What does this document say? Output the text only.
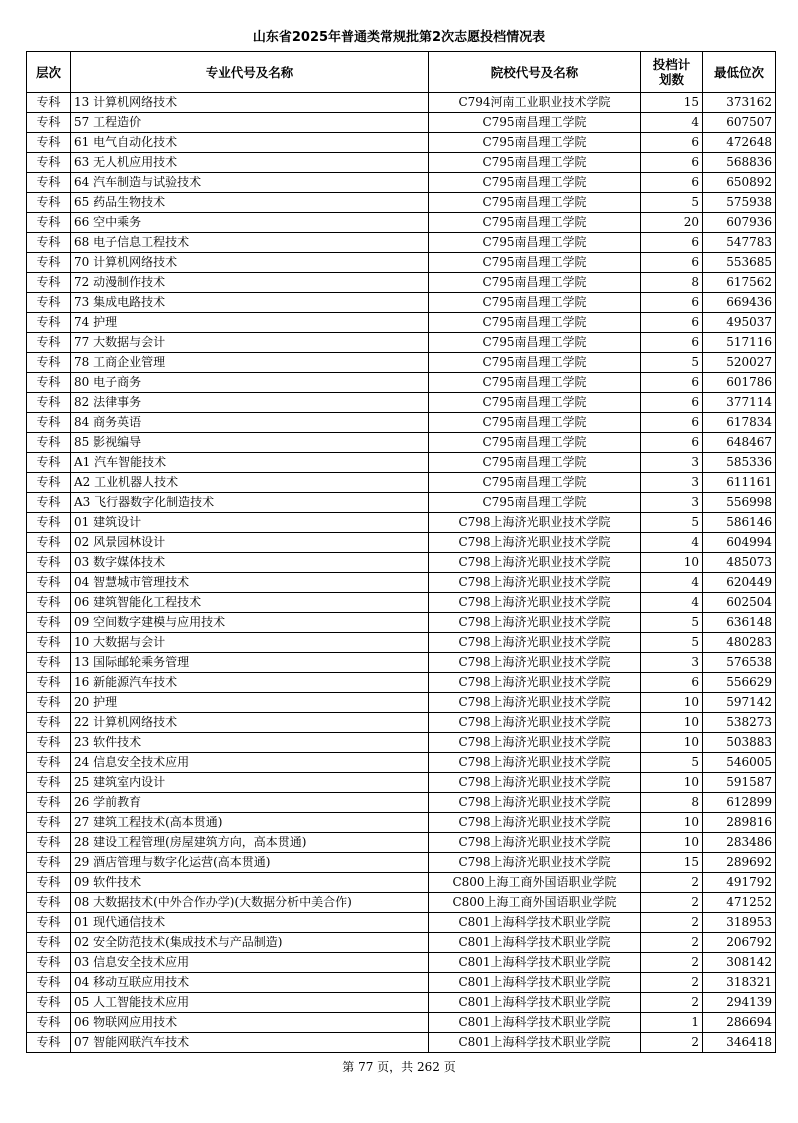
山东省2025年普通类常规批第2次志愿投档情况表
层次	专业代号及名称	院校代号及名称	投档计划数	最低位次
专科	13 计算机网络技术	C794河南工业职业技术学院	15	373162
专科	57 工程造价	C795南昌理工学院	4	607507
专科	61 电气自动化技术	C795南昌理工学院	6	472648
专科	63 无人机应用技术	C795南昌理工学院	6	568836
专科	64 汽车制造与试验技术	C795南昌理工学院	6	650892
专科	65 药品生物技术	C795南昌理工学院	5	575938
专科	66 空中乘务	C795南昌理工学院	20	607936
专科	68 电子信息工程技术	C795南昌理工学院	6	547783
专科	70 计算机网络技术	C795南昌理工学院	6	553685
专科	72 动漫制作技术	C795南昌理工学院	8	617562
专科	73 集成电路技术	C795南昌理工学院	6	669436
专科	74 护理	C795南昌理工学院	6	495037
专科	77 大数据与会计	C795南昌理工学院	6	517116
专科	78 工商企业管理	C795南昌理工学院	5	520027
专科	80 电子商务	C795南昌理工学院	6	601786
专科	82 法律事务	C795南昌理工学院	6	377114
专科	84 商务英语	C795南昌理工学院	6	617834
专科	85 影视编导	C795南昌理工学院	6	648467
专科	A1 汽车智能技术	C795南昌理工学院	3	585336
专科	A2 工业机器人技术	C795南昌理工学院	3	611161
专科	A3 飞行器数字化制造技术	C795南昌理工学院	3	556998
专科	01 建筑设计	C798上海济光职业技术学院	5	586146
专科	02 风景园林设计	C798上海济光职业技术学院	4	604994
专科	03 数字媒体技术	C798上海济光职业技术学院	10	485073
专科	04 智慧城市管理技术	C798上海济光职业技术学院	4	620449
专科	06 建筑智能化工程技术	C798上海济光职业技术学院	4	602504
专科	09 空间数字建模与应用技术	C798上海济光职业技术学院	5	636148
专科	10 大数据与会计	C798上海济光职业技术学院	5	480283
专科	13 国际邮轮乘务管理	C798上海济光职业技术学院	3	576538
专科	16 新能源汽车技术	C798上海济光职业技术学院	6	556629
专科	20 护理	C798上海济光职业技术学院	10	597142
专科	22 计算机网络技术	C798上海济光职业技术学院	10	538273
专科	23 软件技术	C798上海济光职业技术学院	10	503883
专科	24 信息安全技术应用	C798上海济光职业技术学院	5	546005
专科	25 建筑室内设计	C798上海济光职业技术学院	10	591587
专科	26 学前教育	C798上海济光职业技术学院	8	612899
专科	27 建筑工程技术(高本贯通)	C798上海济光职业技术学院	10	289816
专科	28 建设工程管理(房屋建筑方向，高本贯通)	C798上海济光职业技术学院	10	283486
专科	29 酒店管理与数字化运营(高本贯通)	C798上海济光职业技术学院	15	289692
专科	09 软件技术	C800上海工商外国语职业学院	2	491792
专科	08 大数据技术(中外合作办学)(大数据分析中美合作)	C800上海工商外国语职业学院	2	471252
专科	01 现代通信技术	C801上海科学技术职业学院	2	318953
专科	02 安全防范技术(集成技术与产品制造)	C801上海科学技术职业学院	2	206792
专科	03 信息安全技术应用	C801上海科学技术职业学院	2	308142
专科	04 移动互联应用技术	C801上海科学技术职业学院	2	318321
专科	05 人工智能技术应用	C801上海科学技术职业学院	2	294139
专科	06 物联网应用技术	C801上海科学技术职业学院	1	286694
专科	07 智能网联汽车技术	C801上海科学技术职业学院	2	346418
第 77 页，共 262 页
